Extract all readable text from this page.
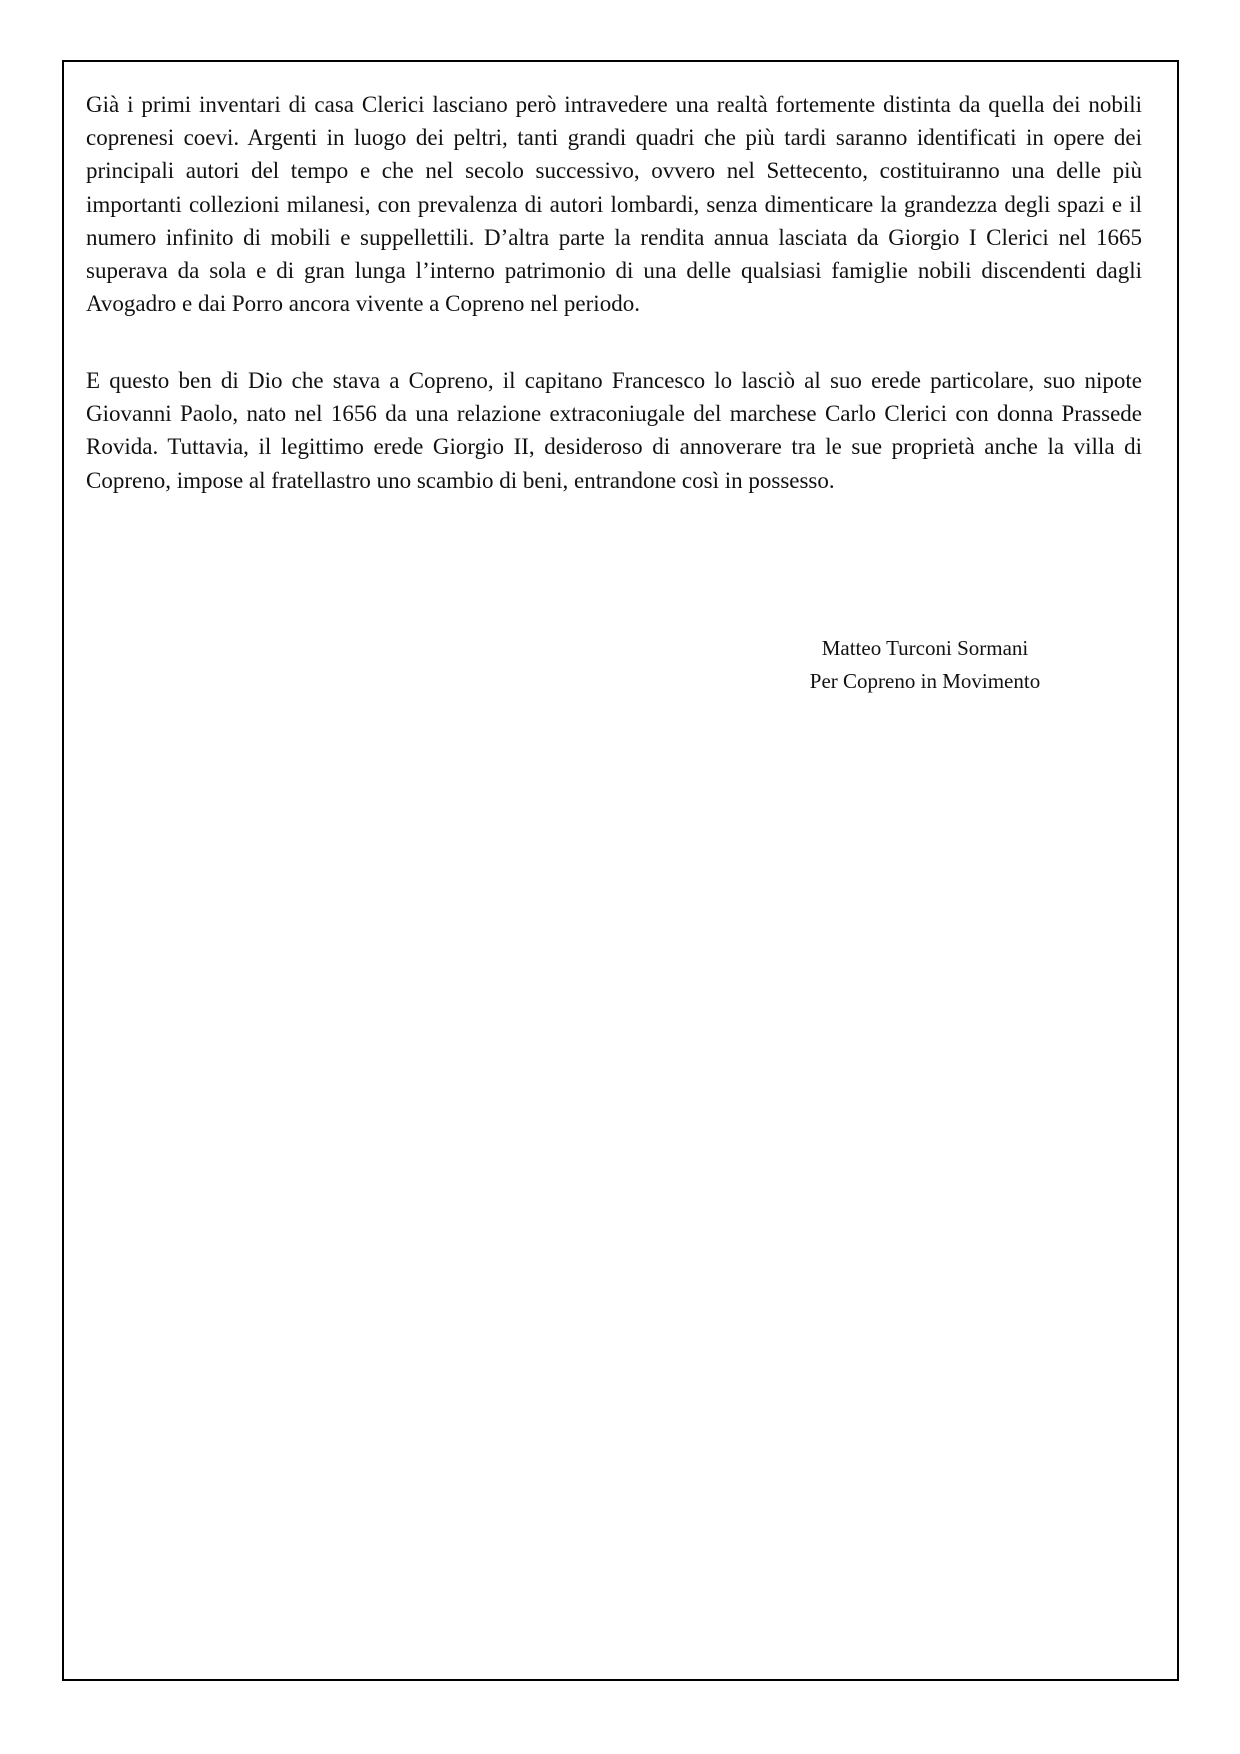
Già i primi inventari di casa Clerici lasciano però intravedere una realtà fortemente distinta da quella dei nobili coprenesi coevi. Argenti in luogo dei peltri, tanti grandi quadri che più tardi saranno identificati in opere dei principali autori del tempo e che nel secolo successivo, ovvero nel Settecento, costituiranno una delle più importanti collezioni milanesi, con prevalenza di autori lombardi, senza dimenticare la grandezza degli spazi e il numero infinito di mobili e suppellettili. D’altra parte la rendita annua lasciata da Giorgio I Clerici nel 1665 superava da sola e di gran lunga l’interno patrimonio di una delle qualsiasi famiglie nobili discendenti dagli Avogadro e dai Porro ancora vivente a Copreno nel periodo.

E questo ben di Dio che stava a Copreno, il capitano Francesco lo lasciò al suo erede particolare, suo nipote Giovanni Paolo, nato nel 1656 da una relazione extraconiugale del marchese Carlo Clerici con donna Prassede Rovida. Tuttavia, il legittimo erede Giorgio II, desideroso di annoverare tra le sue proprietà anche la villa di Copreno, impose al fratellastro uno scambio di beni, entrandone così in possesso.

Matteo Turconi Sormani
Per Copreno in Movimento
